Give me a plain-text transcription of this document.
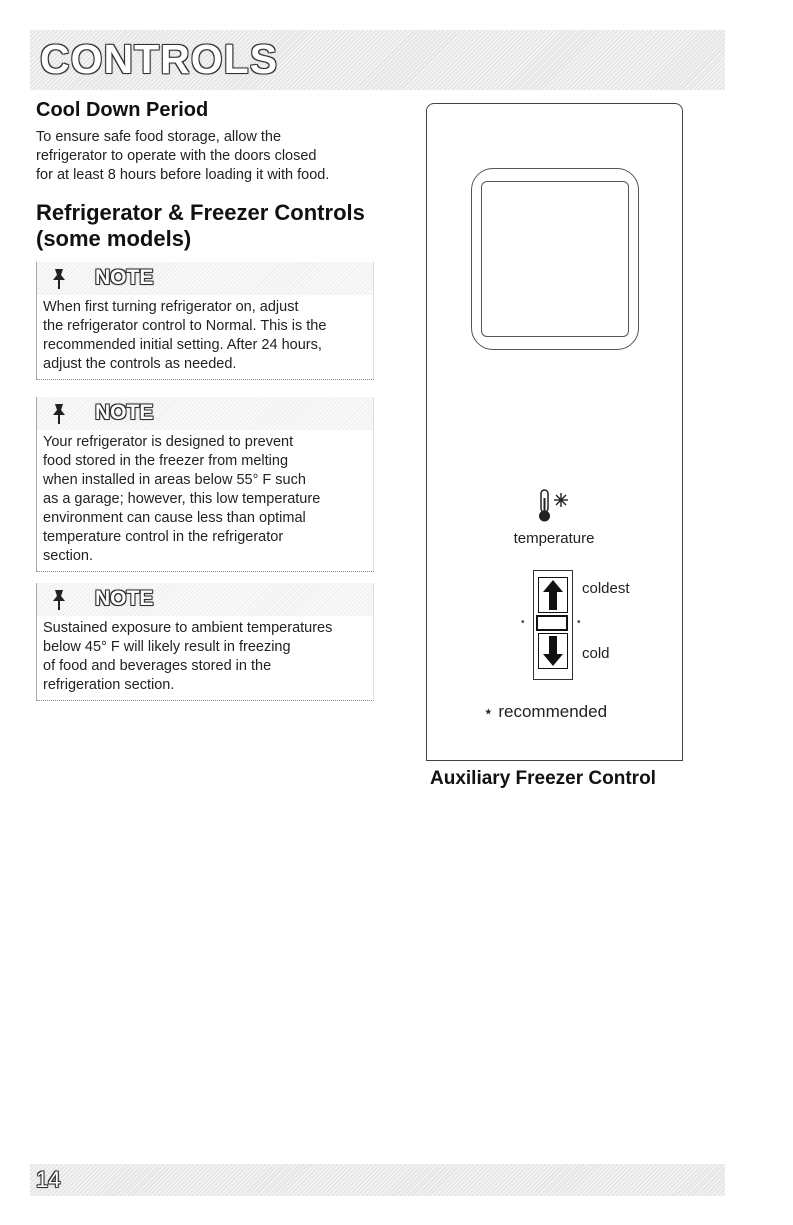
CONTROLS
Cool Down Period

To ensure safe food storage, allow the

refrigerator to operate with the doors closed

for at least 8 hours before loading it with food.

Refrigerator & Freezer Controls
(some models)
NOTE

When first turning refrigerator on, adjust
the refrigerator control to Normal. This is the
recommended initial setting. After 24 hours,
adjust the controls as needed.

NOTE

Your refrigerator is designed to prevent
food stored in the freezer from melting
when installed in areas below 55° F such
as a garage; however, this low temperature
environment can cause less than optimal
temperature control in the refrigerator
section.

NOTE

Sustained exposure to ambient temperatures
below 45° F will likely result in freezing
of food and beverages stored in the
refrigeration section.

temperature
•	•
coldest
cold
⋆ recommended
Auxiliary Freezer Control
14
